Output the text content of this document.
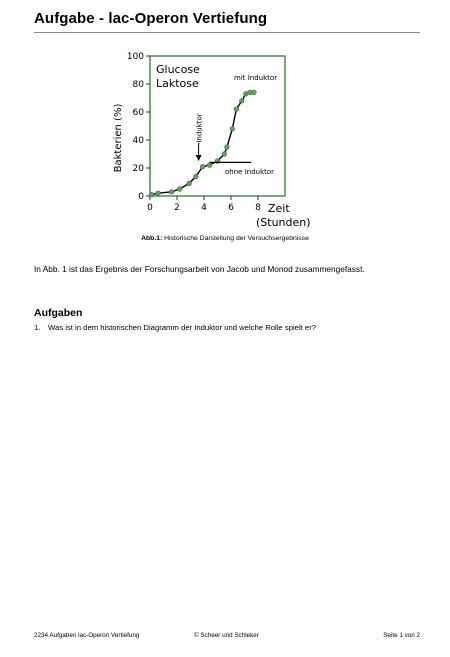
Aufgabe - lac-Operon Vertiefung
Bakterien (%)
Glucose
Laktose
Zeit
(Stunden)
0
20
40
60
80
100
0 2 4 6 8
mit Induktor
ohne Induktor
Induktor
Abb.1: Historische Darstellung der Versuchsergebnisse
In Abb. 1 ist das Ergebnis der Forschungsarbeit von Jacob und Monod zusammengefasst.
Aufgaben
1. Was ist in dem historischen Diagramm der Induktor und welche Rolle spielt er?
2234 Aufgaben lac-Operon Vertiefung	© Scheer und Schleker	Seite 1 von 2
